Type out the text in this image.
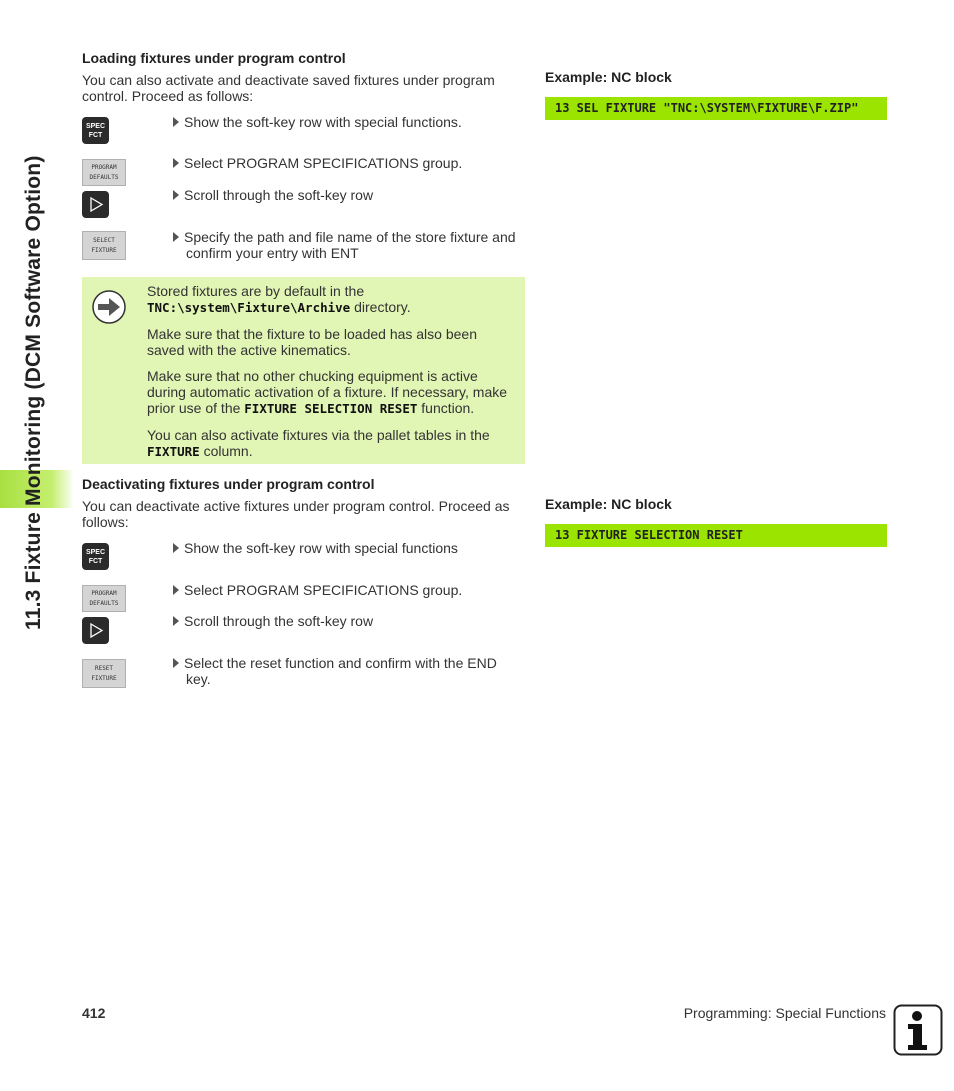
11.3 Fixture Monitoring (DCM Software Option)
Loading fixtures under program control
You can also activate and deactivate saved fixtures under program
control. Proceed as follows:
SPEC
FCT
Show the soft-key row with special functions.
PROGRAM
DEFAULTS
Select PROGRAM SPECIFICATIONS group.
Scroll through the soft-key row
SELECT
FIXTURE
Specify the path and file name of the store fixture and
confirm your entry with ENT
Stored fixtures are by default in the
TNC:\system\Fixture\Archive directory.
Make sure that the fixture to be loaded has also been
saved with the active kinematics.
Make sure that no other chucking equipment is active
during automatic activation of a fixture. If necessary, make
prior use of the FIXTURE SELECTION RESET function.
You can also activate fixtures via the pallet tables in the
FIXTURE column.
Example: NC block
13 SEL FIXTURE "TNC:\SYSTEM\FIXTURE\F.ZIP"
Deactivating fixtures under program control
You can deactivate active fixtures under program control. Proceed as
follows:
SPEC
FCT
Show the soft-key row with special functions
PROGRAM
DEFAULTS
Select PROGRAM SPECIFICATIONS group.
Scroll through the soft-key row
RESET
FIXTURE
Select the reset function and confirm with the END
key.
Example: NC block
13 FIXTURE SELECTION RESET
412	Programming: Special Functions
